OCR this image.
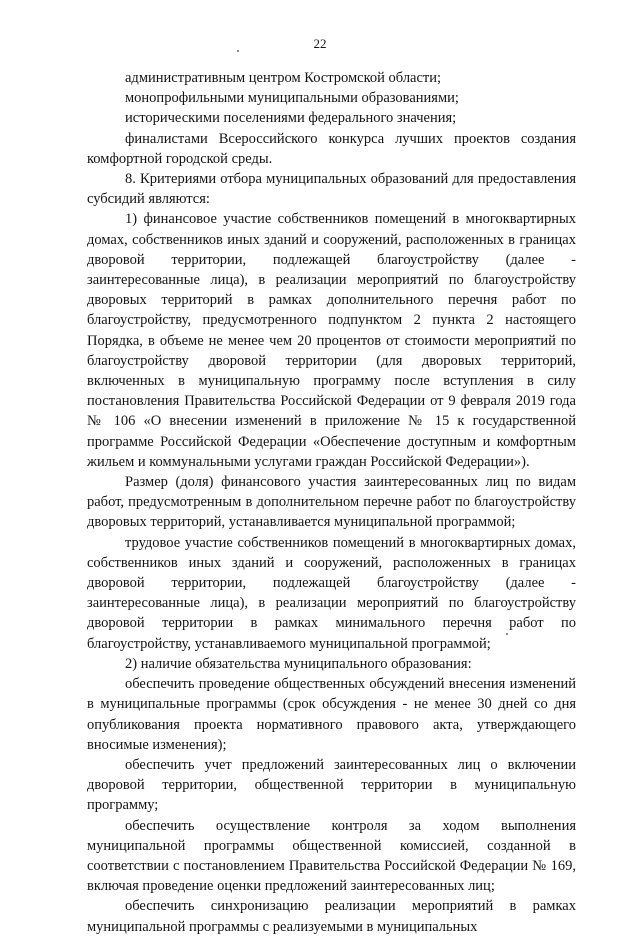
22

административным центром Костромской области;

монопрофильными муниципальными образованиями;

историческими поселениями федерального значения;

финалистами Всероссийского конкурса лучших проектов создания комфортной городской среды.

8. Критериями отбора муниципальных образований для предоставления субсидий являются:

1) финансовое участие собственников помещений в многоквартирных домах, собственников иных зданий и сооружений, расположенных в границах дворовой территории, подлежащей благоустройству (далее - заинтересованные лица), в реализации мероприятий по благоустройству дворовых территорий в рамках дополнительного перечня работ по благоустройству, предусмотренного подпунктом 2 пункта 2 настоящего Порядка, в объеме не менее чем 20 процентов от стоимости мероприятий по благоустройству дворовой территории (для дворовых территорий, включенных в муниципальную программу после вступления в силу постановления Правительства Российской Федерации от 9 февраля 2019 года № 106 «О внесении изменений в приложение № 15 к государственной программе Российской Федерации «Обеспечение доступным и комфортным жильем и коммунальными услугами граждан Российской Федерации»).

Размер (доля) финансового участия заинтересованных лиц по видам работ, предусмотренным в дополнительном перечне работ по благоустройству дворовых территорий, устанавливается муниципальной программой;

трудовое участие собственников помещений в многоквартирных домах, собственников иных зданий и сооружений, расположенных в границах дворовой территории, подлежащей благоустройству (далее - заинтересованные лица), в реализации мероприятий по благоустройству дворовой территории в рамках минимального перечня работ по благоустройству, устанавливаемого муниципальной программой;

2) наличие обязательства муниципального образования:

обеспечить проведение общественных обсуждений внесения изменений в муниципальные программы (срок обсуждения - не менее 30 дней со дня опубликования проекта нормативного правового акта, утверждающего вносимые изменения);

обеспечить учет предложений заинтересованных лиц о включении дворовой территории, общественной территории в муниципальную программу;

обеспечить осуществление контроля за ходом выполнения муниципальной программы общественной комиссией, созданной в соответствии с постановлением Правительства Российской Федерации № 169, включая проведение оценки предложений заинтересованных лиц;

обеспечить синхронизацию реализации мероприятий в рамках муниципальной программы с реализуемыми в муниципальных
